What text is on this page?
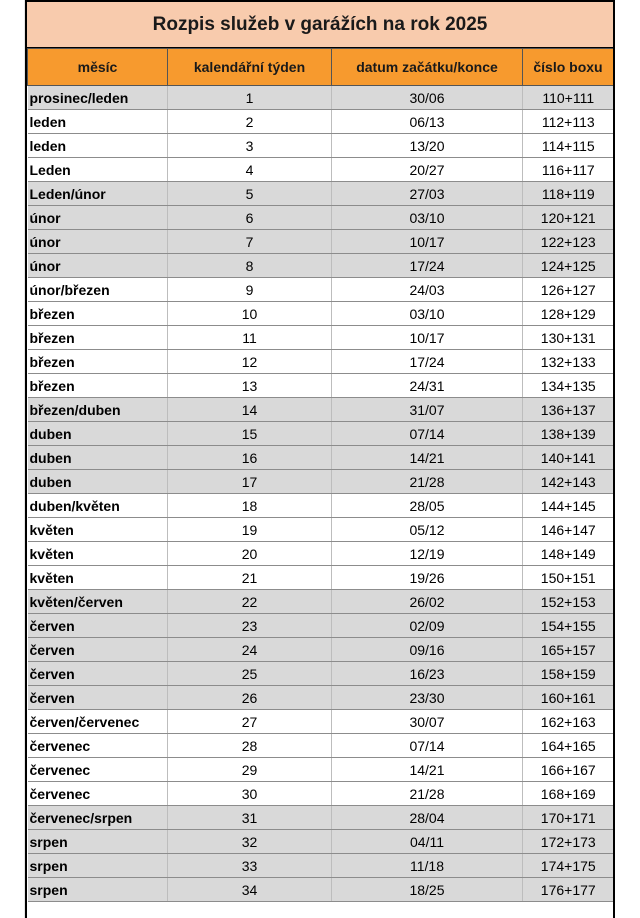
Rozpis služeb v garážích na rok 2025
měsíc	kalendářní týden	datum začátku/konce	číslo boxu
prosinec/leden	1	30/06	110+111
leden	2	06/13	112+113
leden	3	13/20	114+115
Leden	4	20/27	116+117
Leden/únor	5	27/03	118+119
únor	6	03/10	120+121
únor	7	10/17	122+123
únor	8	17/24	124+125
únor/březen	9	24/03	126+127
březen	10	03/10	128+129
březen	11	10/17	130+131
březen	12	17/24	132+133
březen	13	24/31	134+135
březen/duben	14	31/07	136+137
duben	15	07/14	138+139
duben	16	14/21	140+141
duben	17	21/28	142+143
duben/květen	18	28/05	144+145
květen	19	05/12	146+147
květen	20	12/19	148+149
květen	21	19/26	150+151
květen/červen	22	26/02	152+153
červen	23	02/09	154+155
červen	24	09/16	165+157
červen	25	16/23	158+159
červen	26	23/30	160+161
červen/červenec	27	30/07	162+163
červenec	28	07/14	164+165
červenec	29	14/21	166+167
červenec	30	21/28	168+169
červenec/srpen	31	28/04	170+171
srpen	32	04/11	172+173
srpen	33	11/18	174+175
srpen	34	18/25	176+177
